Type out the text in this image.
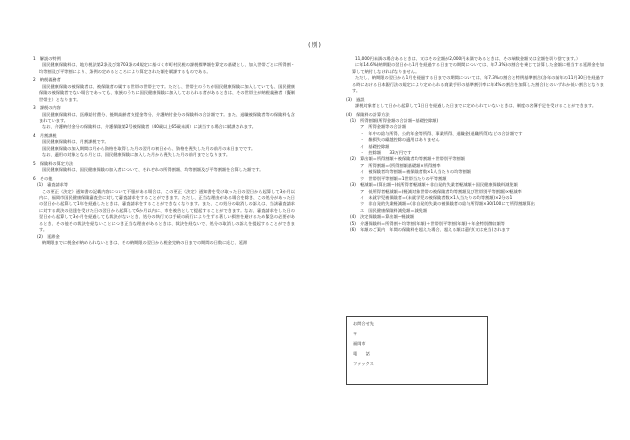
(別)
1　解説の特例
国民健康保険料は、地方税法第2条及び第703条の4規定に基づく市町村民税の課税標準額を算定の基礎とし、加入世帯ごとに所得割・均等割及び平等割により、条例の定めるところにより算定された額を賦課するものである。
2　納税義務者
国民健康保険の被保険者は、被保険者の属する世帯の世帯主です。ただし、世帯主のうちが国民健康保険に加入していても、国民健康保険の被保険者でない場合であっても、家族のうちに国民健康保険に加入しておられる者があるときは、その世帯主が納税義務者（擬制世帯主）となります。
3　課税の内容
国民健康保険料は、医療給付費分、後期高齢者支援金等分、介護納付金分の保険料の合計額です。また、退職被保険者等の保険料も含まれています。
なお、介護納付金分の保険料は、介護保険第2号被保険者（40歳以上65歳未満）に該当する場合に賦課されます。
4　月割課税
国民健康保険料は、月割課税です。
国民健康保険の加入期間は月から資格を取得した月の翌月の初日から、資格を喪失した月の前月の末日までです。
なお、適用の対象となる月とは、国民健康保険に加入した月から喪失した月の前月までとなります。
5　保険料の算定方法
国民健康保険料は、国民健康保険の加入者について、それぞれの所得割額、均等割額及び平等割額を合算した額です。
6　その他
(1)　審査請求等
この更正（決定）通知書の記載内容について不服がある場合は、この更正（決定）通知書を受け取った日の翌日から起算して3か月以内に、福岡市国民健康保険審査会に対して審査請求をすることができます。ただし、正当な理由がある場合を除き、この処分があった日の翌日から起算して1年を経過したときは、審査請求をすることができなくなります。また、この処分の取消しの訴えは、当該審査請求に対する裁決の送達を受けた日の翌日から起算して6か月以内に、市を被告として提起することができます。なお、審査請求をした日の翌日から起算して3か月を経過しても裁決がないとき、処分の執行又は手続の続行により生ずる著しい損害を避けるため緊急の必要があるとき、その他その裁決を経ないことにつき正当な理由があるときは、裁決を経ないで、処分の取消しの訴えを提起することができます。
(2)　延滞金
納期限までに税金が納められないときは、その納期限の翌日から税金完納の日までの期間の日数に応じ、延滞
11,000円未満の場合あるときは、又はその全額が2,000円未満であるときは、その端数金額又は全額を切り捨てます。）
に年14.6%(納期限の翌日から1月を経過する日までの期間については、年7.3%)の割合を乗じて計算した金額に相当する延滞金を加算して納付しなければなりません。
ただし、納期限の翌日から1月を経過する日までの期間については、年7.3%の割合と特例基準割合(各年の前年の11月30日を経過する時における日本銀行法の規定により定められる商業手形の基準割引率に年4%の割合を加算した割合)とのいずれか低い割合となります。
(3)　過誤
課税対象者として日から起算して1日日を経過した日までに定められていないときは、制度の名簿手足を受けることができます。
(4)　保険料の計算方法
(1)　所得割額(所得金額の合計額−基礎控除額)
ア　所得金額等の合計額
・　年中の給与所得、公的年金等所得、事業所得、退職金(退職所得)などの合計額です
・　雑損失の繰越控除の適用はありません
イ　基礎控除額
・　控除額　　33万円です
(2)　算出額＝所得割額＋被保険者均等割額＋世帯別平等割額
ア　所得割額＝(所得割額基礎額×所得割率
イ　被保険者均等割額＝被保険者数×1人当たりの均等割額
ウ　世帯別平等割額＝1世帯当たりの平等割額
(3)　軽減額＝(算出額−(低所得者軽減額＋非自発的失業者軽減額＋国民健康保険料減免額
ア　低所得者軽減額＝(軽減対象世帯の被保険者均等割額及び世帯別平等割額)×軽減率
イ　未就学児被保険者＝(未就学児の被保険者数×1人当たりの均等割額)×2分の1
ウ　非自発的失業軽減額＝(非自発的失業の被保険者の給与所得額×30/100にて所得割額算出
エ　国民健康保険料減免額＝減免額
(4)　決定保険額＝算出額−軽減額
(5)　介護保険料＝所得割＋均等割(年額)＋世帯別平等割(年額)＋年金特別徴収額等
(6)　年額のご案内　年間の保険料を超えた場合、超える額は還付(又は充当)されます
お問合せ先
〒
福岡市
電　　話
ファックス
